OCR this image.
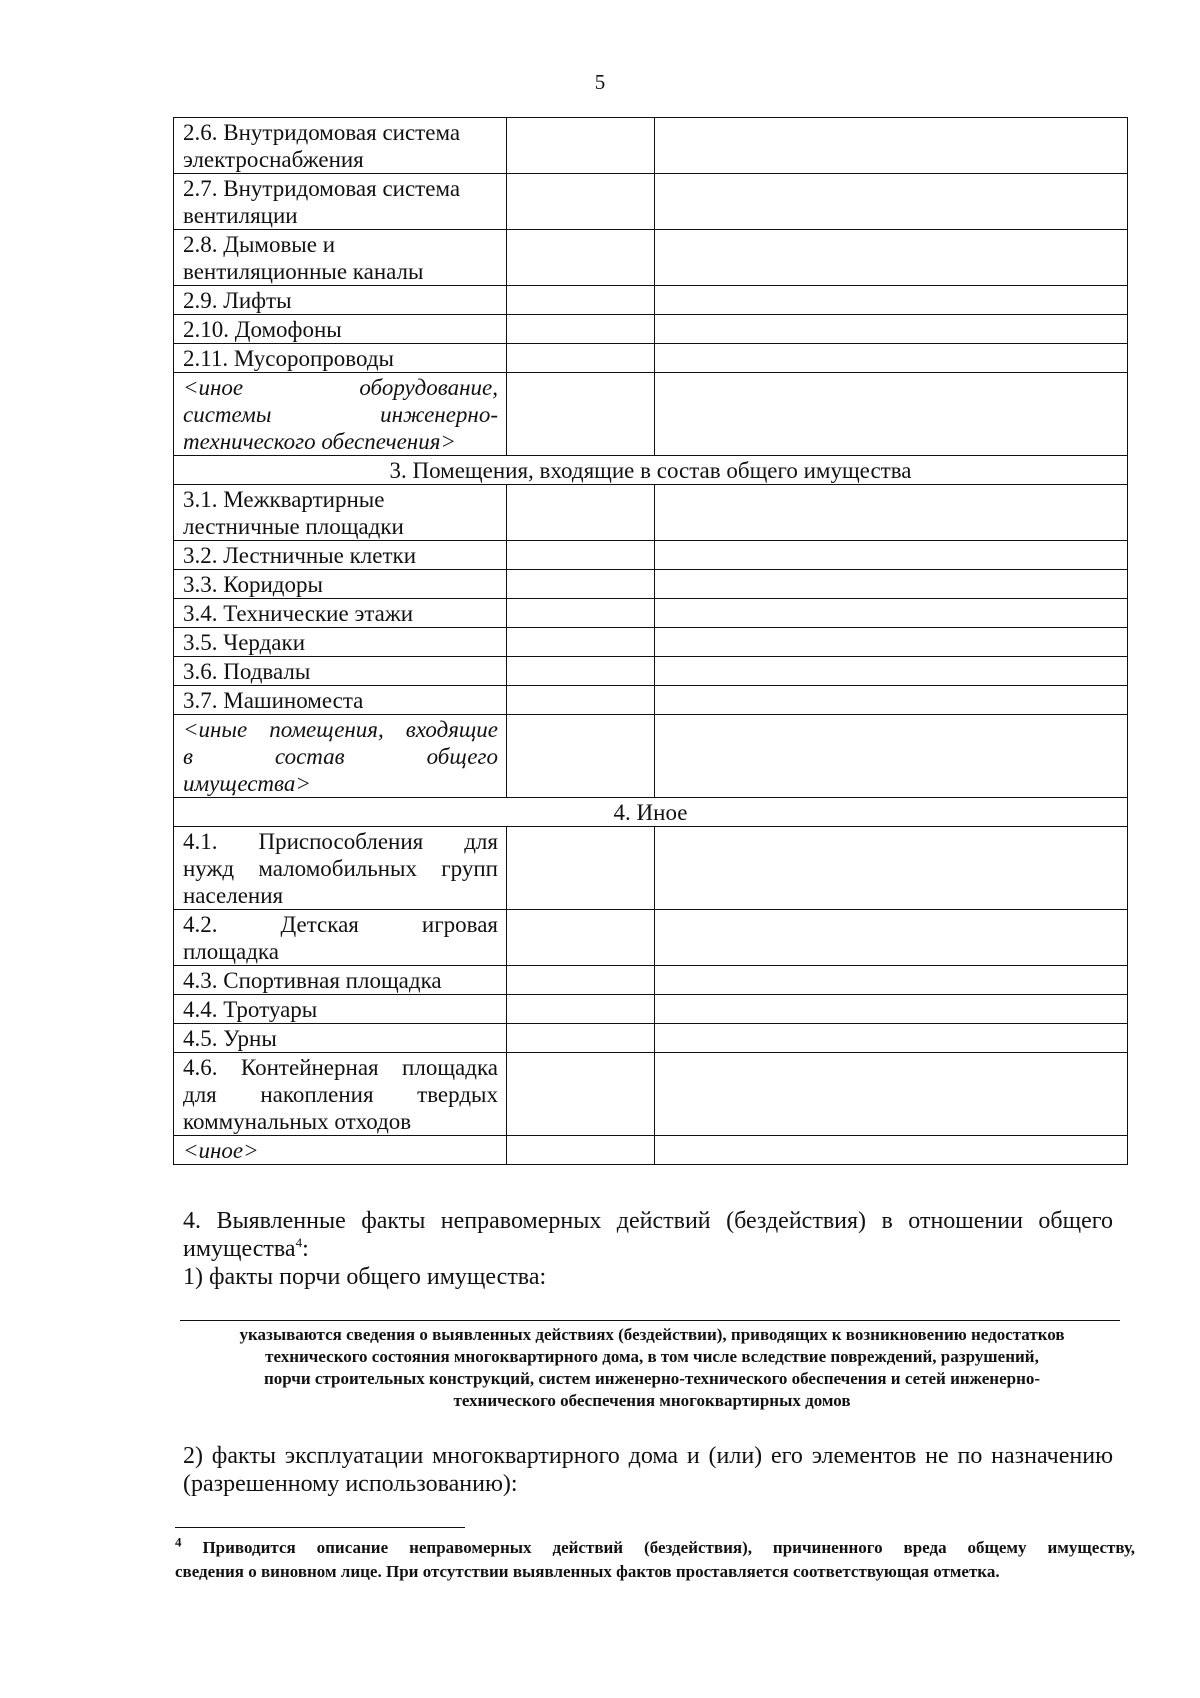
5
2.6. Внутридомовая система
электроснабжения		

2.7. Внутридомовая система
вентиляции		

2.8. Дымовые и
вентиляционные каналы		

2.9. Лифты		

2.10. Домофоны		

2.11. Мусоропроводы		

<иное оборудование,
системы инженерно-
технического обеспечения>		

3. Помещения, входящие в состав общего имущества		

3.1. Межквартирные
лестничные площадки		

3.2. Лестничные клетки		

3.3. Коридоры		

3.4. Технические этажи		

3.5. Чердаки		

3.6. Подвалы		

3.7. Машиноместа		

<иные помещения, входящие
в состав общего
имущества>		

4. Иное		

4.1. Приспособления для
нужд маломобильных групп
населения		

4.2. Детская игровая
площадка		

4.3. Спортивная площадка		

4.4. Тротуары		

4.5. Урны		

4.6. Контейнерная площадка
для накопления твердых
коммунальных отходов		

<иное>		

4. Выявленные факты неправомерных действий (бездействия) в отношении общего
имущества$^4$:
1) факты порчи общего имущества:
указываются сведения о выявленных действиях (бездействии), приводящих к возникновению недостатков
технического состояния многоквартирного дома, в том числе вследствие повреждений, разрушений,
порчи строительных конструкций, систем инженерно-технического обеспечения и сетей инженерно-
технического обеспечения многоквартирных домов
2) факты эксплуатации многоквартирного дома и (или) его элементов не по назначению
(разрешенному использованию):
$^4$ Приводится описание неправомерных действий (бездействия), причиненного вреда общему имуществу,
сведения о виновном лице. При отсутствии выявленных фактов проставляется соответствующая отметка.
